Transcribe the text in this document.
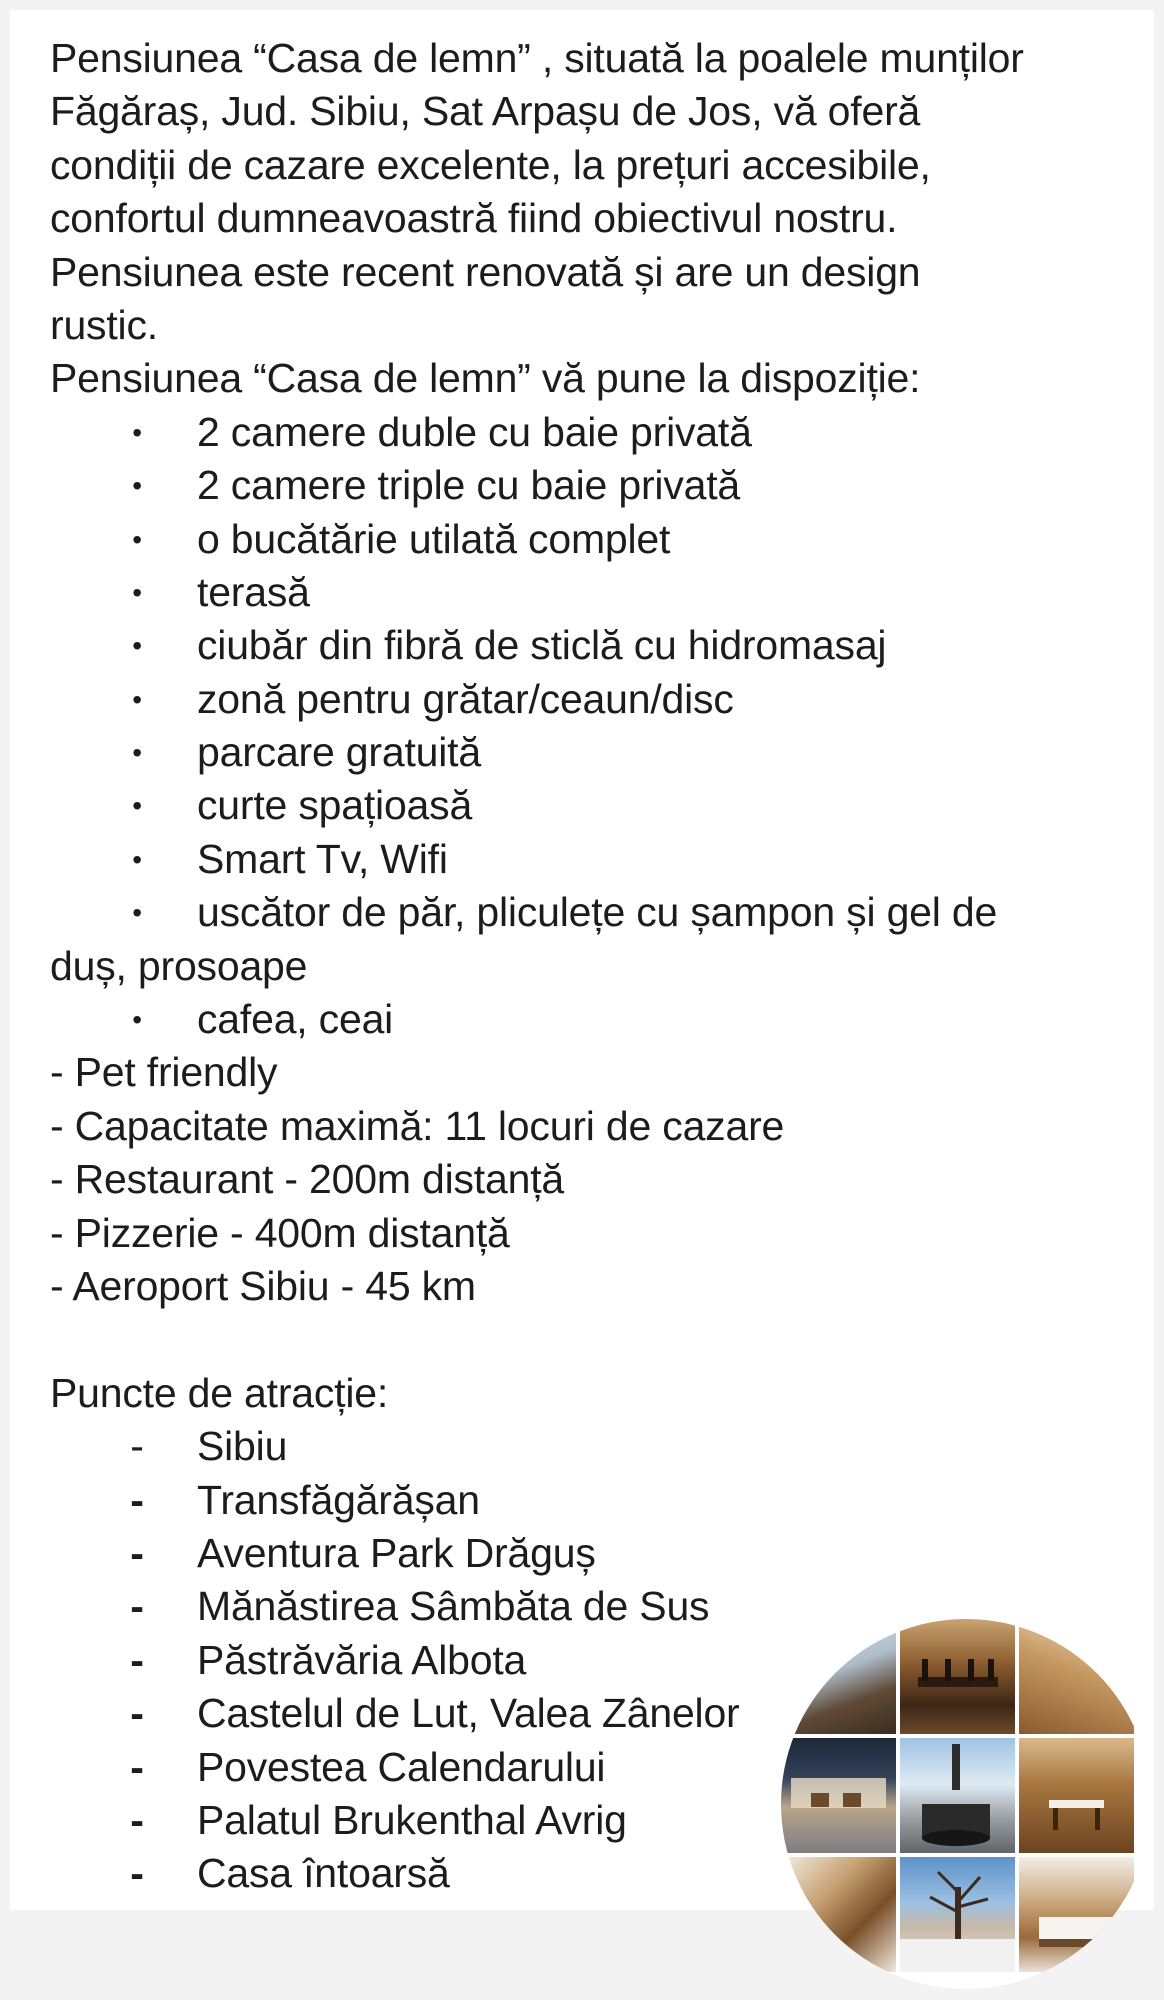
Pensiunea “Casa de lemn” , situată la poalele munților
Făgăraș, Jud. Sibiu, Sat Arpașu de Jos, vă oferă
condiții de cazare excelente, la prețuri accesibile,
confortul dumneavoastră fiind obiectivul nostru.
Pensiunea este recent renovată și are un design
rustic.
Pensiunea “Casa de lemn” vă pune la dispoziție:
• 2 camere duble cu baie privată
• 2 camere triple cu baie privată
• o bucătărie utilată complet
• terasă
• ciubăr din fibră de sticlă cu hidromasaj
• zonă pentru grătar/ceaun/disc
• parcare gratuită
• curte spațioasă
• Smart Tv, Wifi
• uscător de păr, pliculețe cu șampon și gel de
duș, prosoape
• cafea, ceai
- Pet friendly
- Capacitate maximă: 11 locuri de cazare
- Restaurant - 200m distanță
- Pizzerie - 400m distanță
- Aeroport Sibiu - 45 km
Puncte de atracție:
- Sibiu
- Transfăgărășan
- Aventura Park Drăguș
- Mănăstirea Sâmbăta de Sus
- Păstrăvăria Albota
- Castelul de Lut, Valea Zânelor
- Povestea Calendarului
- Palatul Brukenthal Avrig
- Casa întoarsă
